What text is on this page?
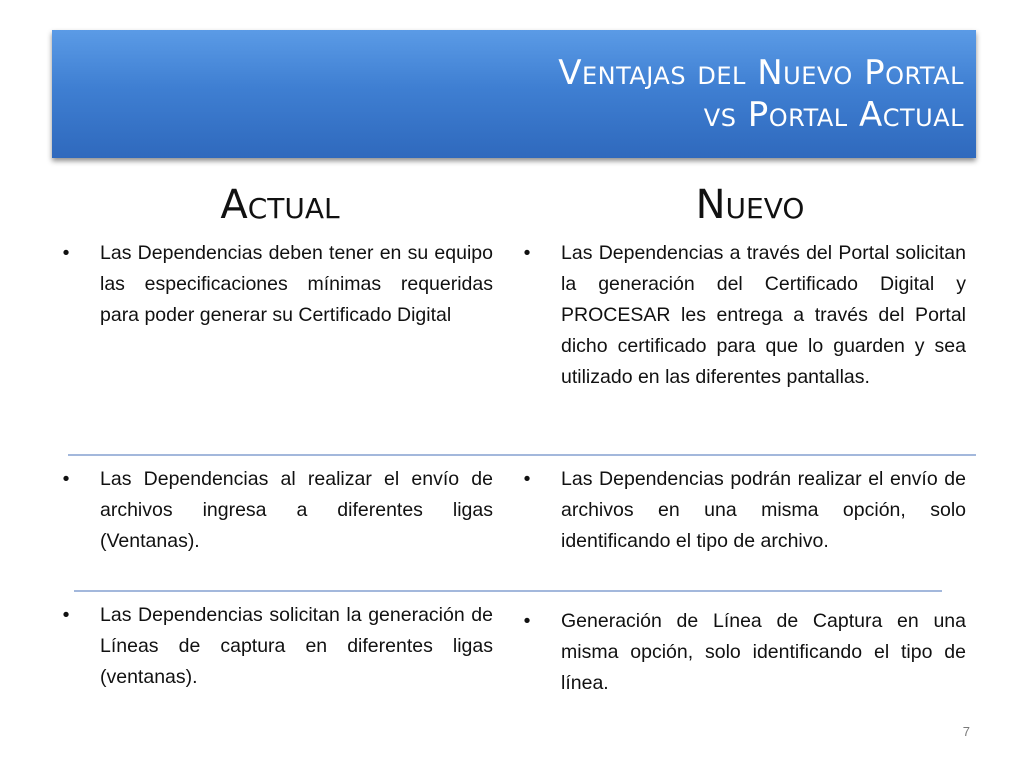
Ventajas del Nuevo Portal
vs Portal Actual
Actual	Nuevo
• Las Dependencias deben tener en su equipo las especificaciones mínimas requeridas para poder generar su Certificado Digital
• Las Dependencias a través del Portal solicitan la generación del Certificado Digital y PROCESAR les entrega a través del Portal dicho certificado para que lo guarden y sea utilizado en las diferentes pantallas.
• Las Dependencias al realizar el envío de archivos ingresa a diferentes ligas (Ventanas).
• Las Dependencias podrán realizar el envío de archivos en una misma opción, solo identificando el tipo de archivo.
• Las Dependencias solicitan la generación de Líneas de captura en diferentes ligas (ventanas).
• Generación de Línea de Captura en una misma opción, solo identificando el tipo de línea.
7
